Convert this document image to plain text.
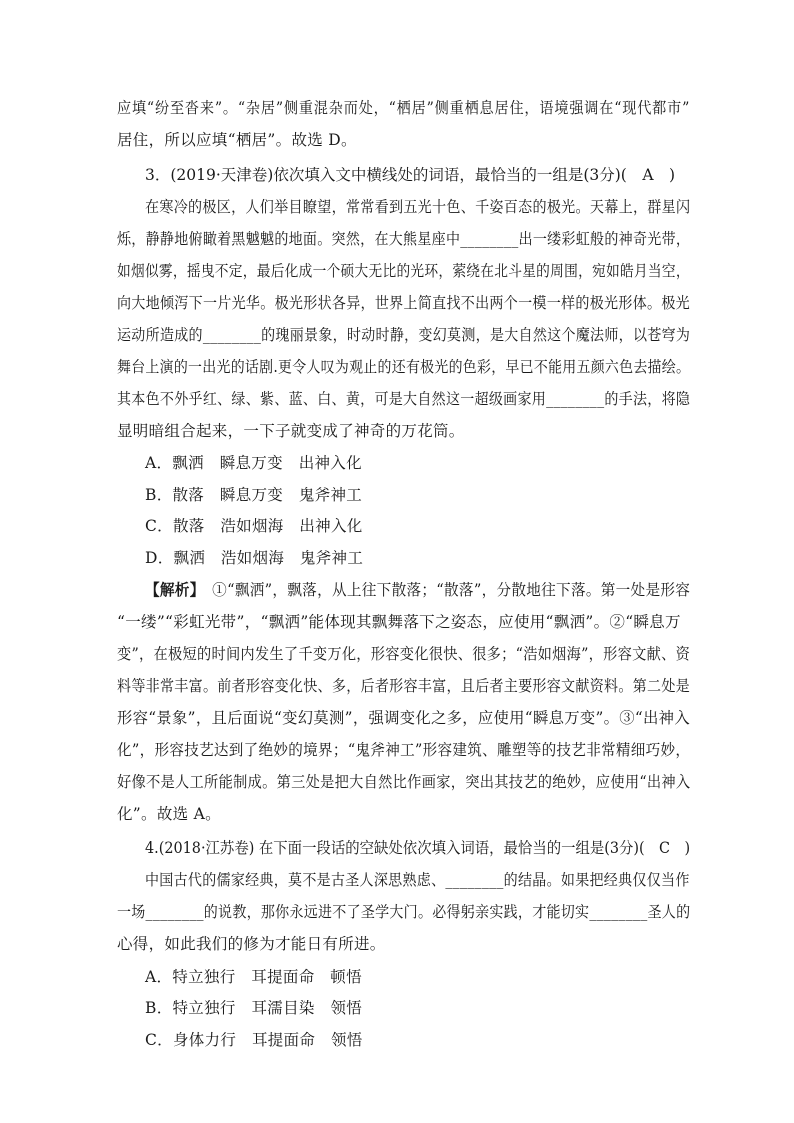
应填“纷至沓来”。“杂居”侧重混杂而处，“栖居”侧重栖息居住，语境强调在“现代都市”
居住，所以应填“栖居”。故选 D。
3．(2019·天津卷)依次填入文中横线处的词语，最恰当的一组是(3分)(　A　)
在寒冷的极区，人们举目瞭望，常常看到五光十色、千姿百态的极光。天幕上，群星闪
烁，静静地俯瞰着黑魆魆的地面。突然，在大熊星座中________出一缕彩虹般的神奇光带，
如烟似雾，摇曳不定，最后化成一个硕大无比的光环，萦绕在北斗星的周围，宛如皓月当空，
向大地倾泻下一片光华。极光形状各异，世界上简直找不出两个一模一样的极光形体。极光
运动所造成的________的瑰丽景象，时动时静，变幻莫测，是大自然这个魔法师，以苍穹为
舞台上演的一出光的话剧.更令人叹为观止的还有极光的色彩，早已不能用五颜六色去描绘。
其本色不外乎红、绿、紫、蓝、白、黄，可是大自然这一超级画家用________的手法，将隐
显明暗组合起来，一下子就变成了神奇的万花筒。
A．飘洒　瞬息万变　出神入化
B．散落　瞬息万变　鬼斧神工
C．散落　浩如烟海　出神入化
D．飘洒　浩如烟海　鬼斧神工
【解析】　①“飘洒”，飘落，从上往下散落；“散落”，分散地往下落。第一处是形容
“一缕”“彩虹光带”，“飘洒”能体现其飘舞落下之姿态，应使用“飘洒”。②“瞬息万
变”，在极短的时间内发生了千变万化，形容变化很快、很多；“浩如烟海”，形容文献、资
料等非常丰富。前者形容变化快、多，后者形容丰富，且后者主要形容文献资料。第二处是
形容“景象”，且后面说“变幻莫测”，强调变化之多，应使用“瞬息万变”。③“出神入
化”，形容技艺达到了绝妙的境界；“鬼斧神工”形容建筑、雕塑等的技艺非常精细巧妙，
好像不是人工所能制成。第三处是把大自然比作画家，突出其技艺的绝妙，应使用“出神入
化”。故选 A。
4.(2018·江苏卷) 在下面一段话的空缺处依次填入词语，最恰当的一组是(3分)(　C　)
中国古代的儒家经典，莫不是古圣人深思熟虑、________的结晶。如果把经典仅仅当作
一场________的说教，那你永远进不了圣学大门。必得躬亲实践，才能切实________圣人的
心得，如此我们的修为才能日有所进。
A．特立独行　耳提面命　顿悟
B．特立独行　耳濡目染　领悟
C．身体力行　耳提面命　领悟
